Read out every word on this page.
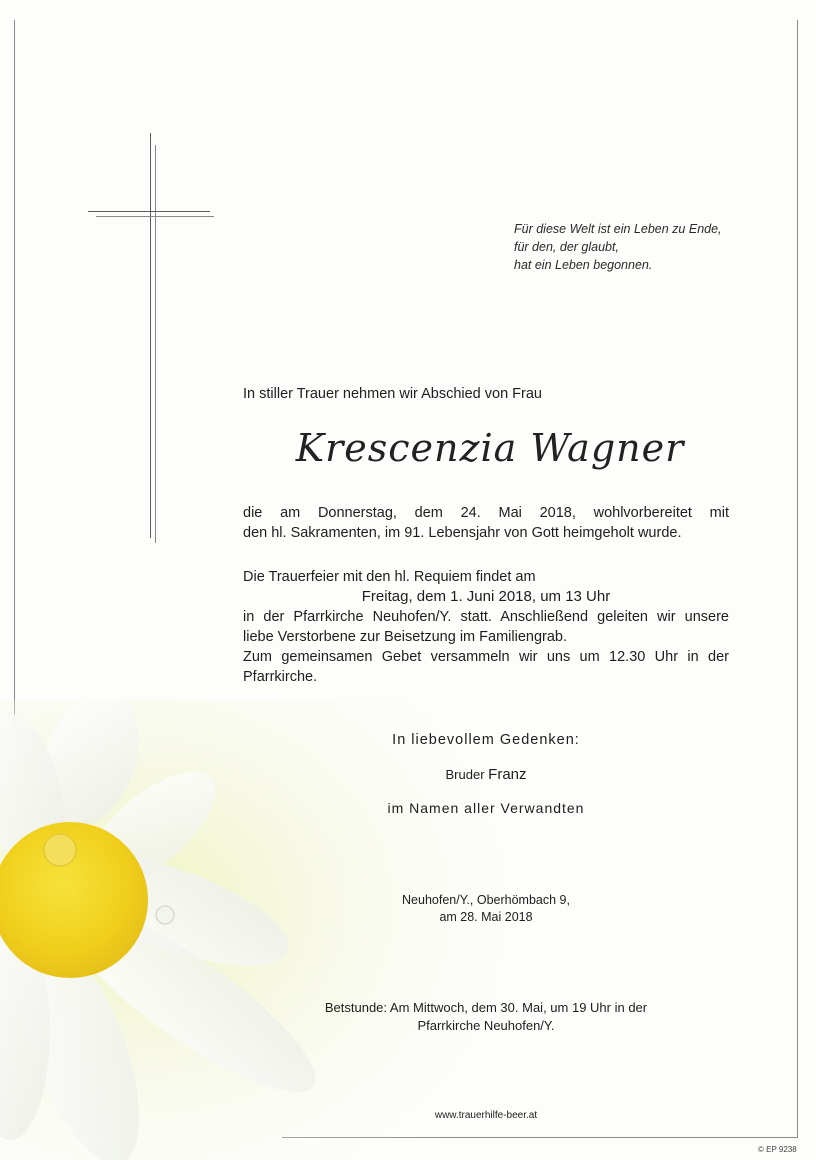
Für diese Welt ist ein Leben zu Ende,
für den, der glaubt,
hat ein Leben begonnen.
In stiller Trauer nehmen wir Abschied von Frau
Krescenzia Wagner
die am Donnerstag, dem 24. Mai 2018, wohlvorbereitet mit
den hl. Sakramenten, im 91. Lebensjahr von Gott heimgeholt wurde.
Die Trauerfeier mit den hl. Requiem findet am
Freitag, dem 1. Juni 2018, um 13 Uhr
in der Pfarrkirche Neuhofen/Y. statt. Anschließend geleiten wir unsere
liebe Verstorbene zur Beisetzung im Familiengrab.
Zum gemeinsamen Gebet versammeln wir uns um 12.30 Uhr in der
Pfarrkirche.
In liebevollem Gedenken:
Bruder Franz
im Namen aller Verwandten
Neuhofen/Y., Oberhömbach 9,
am 28. Mai 2018
Betstunde: Am Mittwoch, dem 30. Mai, um 19 Uhr in der
Pfarrkirche Neuhofen/Y.
www.trauerhilfe-beer.at
© EP 9238
